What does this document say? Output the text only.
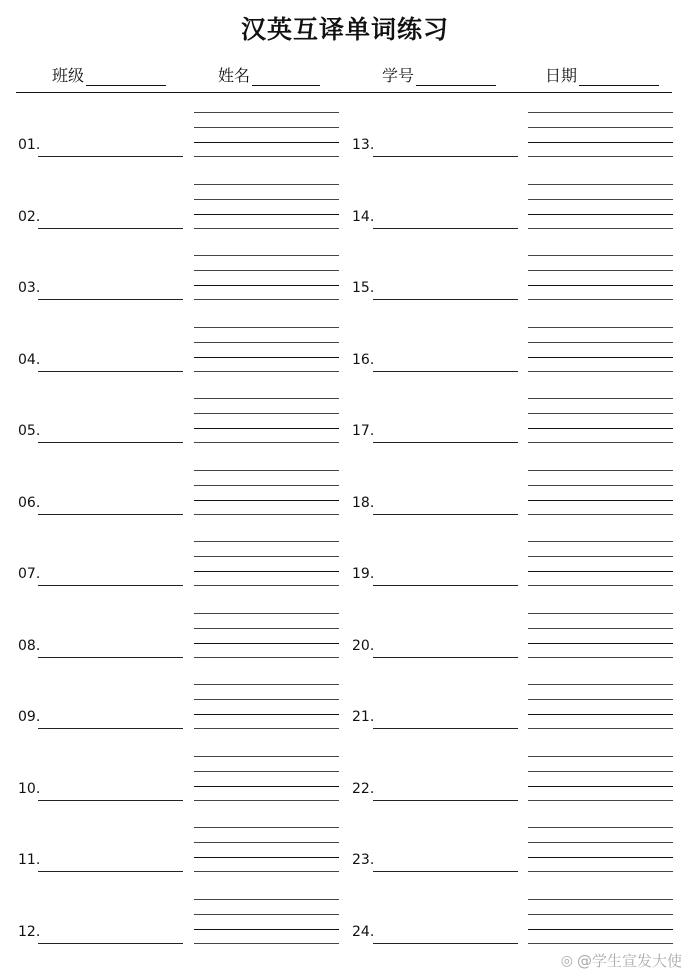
汉英互译单词练习
班级	姓名	学号	日期
01.	13.
02.	14.
03.	15.
04.	16.
05.	17.
06.	18.
07.	19.
08.	20.
09.	21.
10.	22.
11.	23.
12.	24.
◎ @学生宣发大使
